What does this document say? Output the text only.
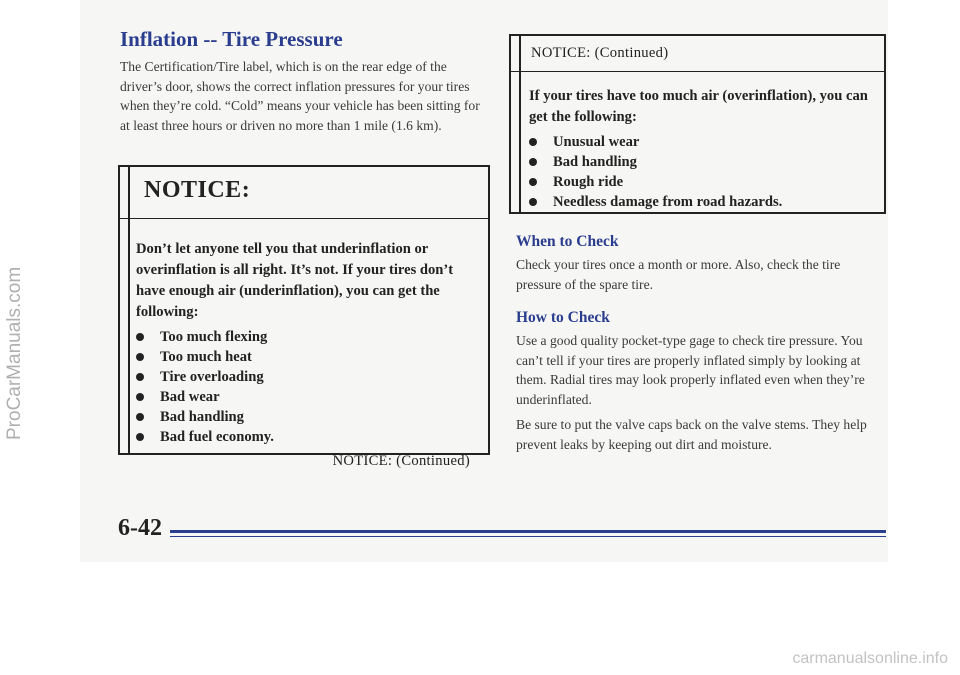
ProCarManuals.com
Inflation -- Tire Pressure

The Certification/Tire label, which is on the rear edge of the driver’s door, shows the correct inflation pressures for your tires when they’re cold. “Cold” means your vehicle has been sitting for at least three hours or driven no more than 1 mile (1.6 km).

NOTICE:
Don’t let anyone tell you that underinflation or overinflation is all right. It’s not. If your tires don’t have enough air (underinflation), you can get the following:
Too much flexing
Too much heat
Tire overloading
Bad wear
Bad handling
Bad fuel economy.
NOTICE: (Continued)
NOTICE: (Continued)
If your tires have too much air (overinflation), you can get the following:
Unusual wear
Bad handling
Rough ride
Needless damage from road hazards.
When to Check

Check your tires once a month or more. Also, check the tire pressure of the spare tire.

How to Check

Use a good quality pocket-type gage to check tire pressure. You can’t tell if your tires are properly inflated simply by looking at them. Radial tires may look properly inflated even when they’re underinflated.

Be sure to put the valve caps back on the valve stems. They help prevent leaks by keeping out dirt and moisture.

6-42
carmanualsonline.info
